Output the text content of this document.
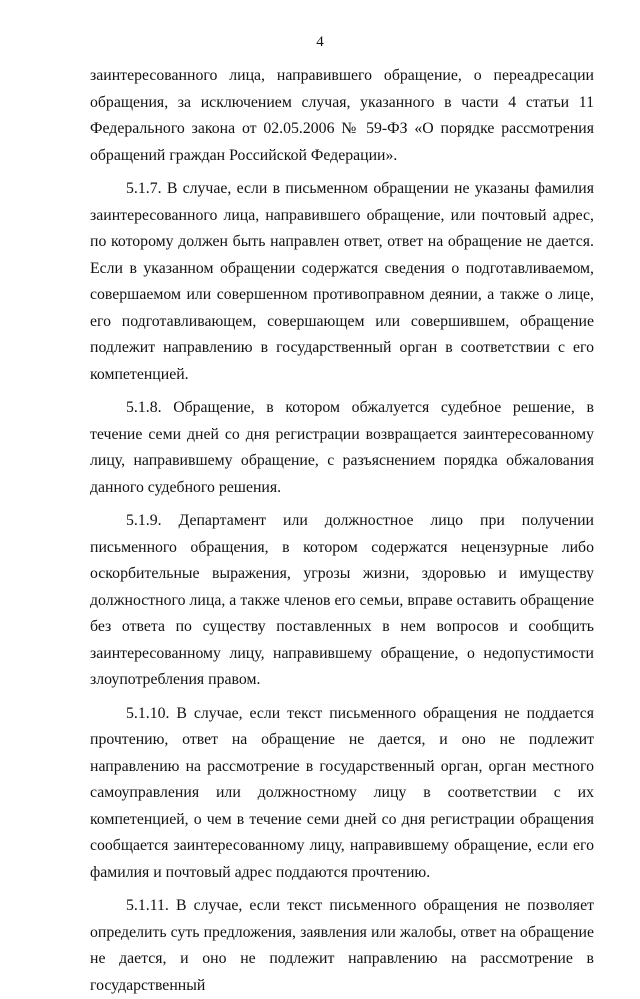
4

заинтересованного лица, направившего обращение, о переадресации обращения, за исключением случая, указанного в части 4 статьи 11 Федерального закона от 02.05.2006 № 59-ФЗ «О порядке рассмотрения обращений граждан Российской Федерации».

5.1.7. В случае, если в письменном обращении не указаны фамилия заинтересованного лица, направившего обращение, или почтовый адрес, по которому должен быть направлен ответ, ответ на обращение не дается. Если в указанном обращении содержатся сведения о подготавливаемом, совершаемом или совершенном противоправном деянии, а также о лице, его подготавливающем, совершающем или совершившем, обращение подлежит направлению в государственный орган в соответствии с его компетенцией.

5.1.8. Обращение, в котором обжалуется судебное решение, в течение семи дней со дня регистрации возвращается заинтересованному лицу, направившему обращение, с разъяснением порядка обжалования данного судебного решения.

5.1.9. Департамент или должностное лицо при получении письменного обращения, в котором содержатся нецензурные либо оскорбительные выражения, угрозы жизни, здоровью и имуществу должностного лица, а также членов его семьи, вправе оставить обращение без ответа по существу поставленных в нем вопросов и сообщить заинтересованному лицу, направившему обращение, о недопустимости злоупотребления правом.

5.1.10. В случае, если текст письменного обращения не поддается прочтению, ответ на обращение не дается, и оно не подлежит направлению на рассмотрение в государственный орган, орган местного самоуправления или должностному лицу в соответствии с их компетенцией, о чем в течение семи дней со дня регистрации обращения сообщается заинтересованному лицу, направившему обращение, если его фамилия и почтовый адрес поддаются прочтению.

5.1.11. В случае, если текст письменного обращения не позволяет определить суть предложения, заявления или жалобы, ответ на обращение не дается, и оно не подлежит направлению на рассмотрение в государственный
